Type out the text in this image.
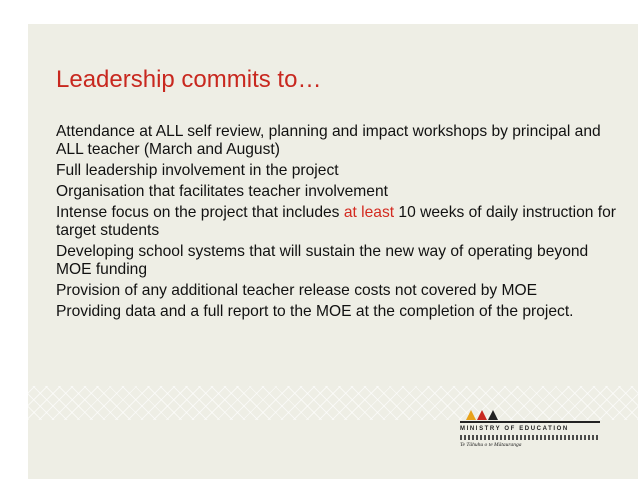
Leadership commits to…
Attendance at ALL self review, planning and impact workshops by principal and ALL teacher (March and August)
Full leadership involvement in the project
Organisation that facilitates teacher involvement
Intense focus on the project that includes at least 10 weeks of daily instruction for target students
Developing school systems that will sustain the new way of operating beyond MOE funding
Provision of any additional teacher release costs not covered by MOE
Providing data and a full report to the MOE at the completion of the project.
MINISTRY OF EDUCATION
Te Tāhuhu o te Mātauranga
